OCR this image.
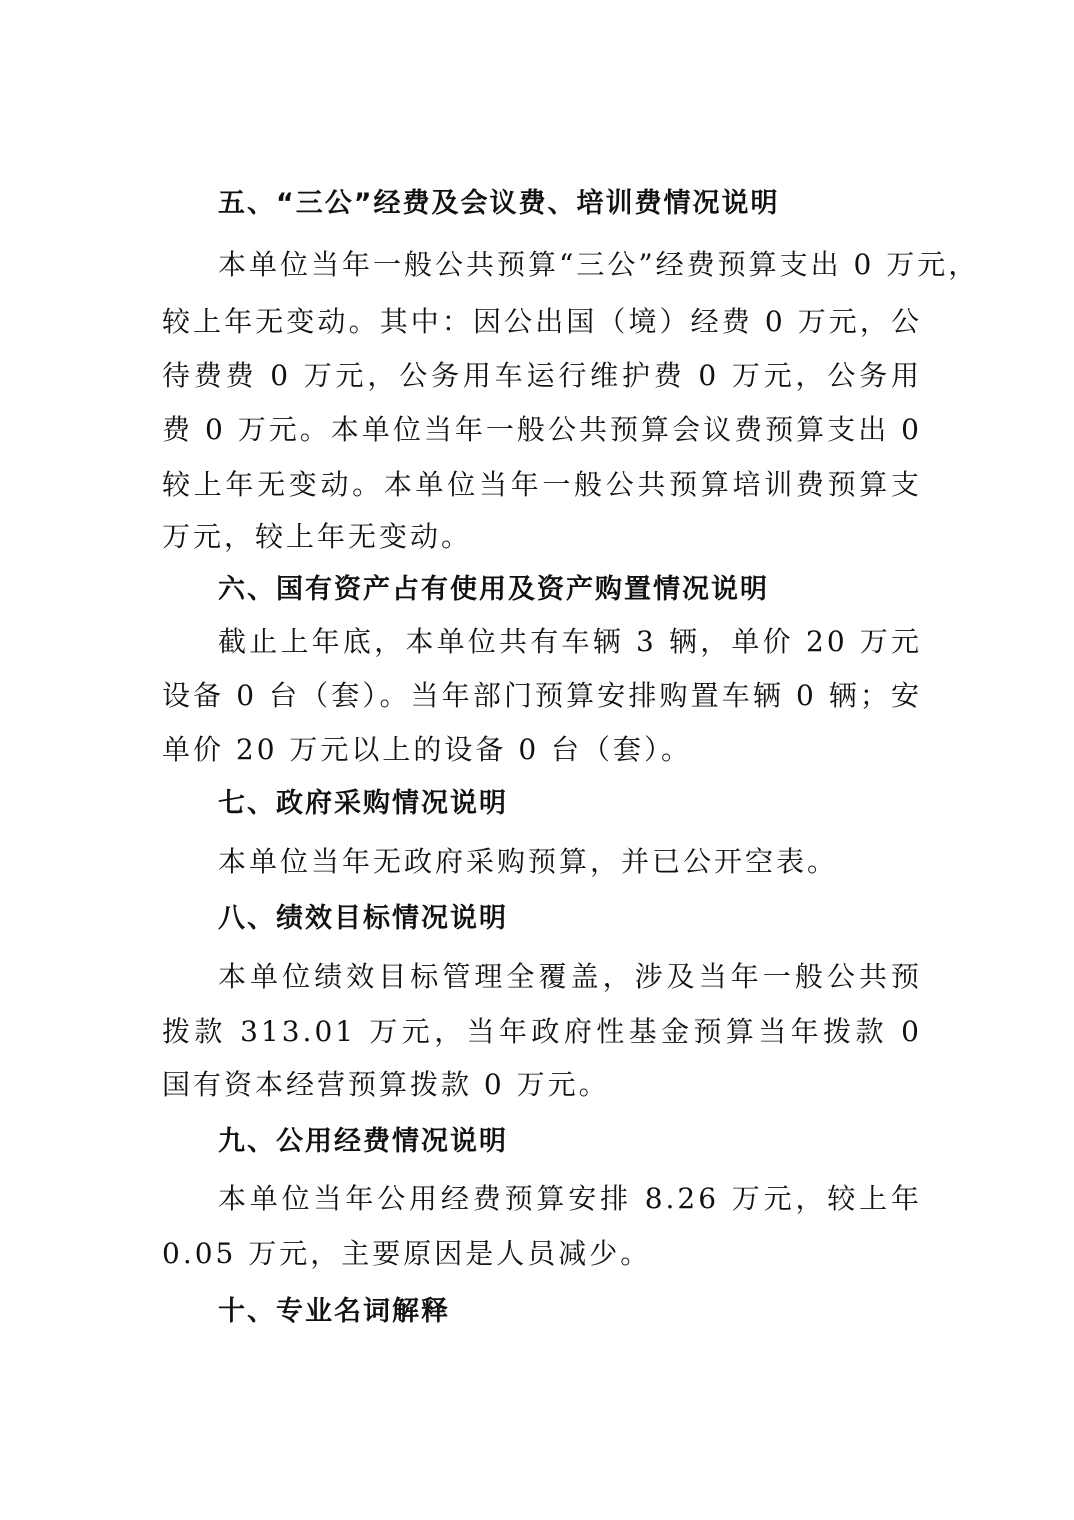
五、“三公”经费及会议费、培训费情况说明
本单位当年一般公共预算“三公”经费预算支出 0 万元，
较上年无变动。其中：因公出国（境）经费 0 万元，公
待费费 0 万元，公务用车运行维护费 0 万元，公务用
费 0 万元。本单位当年一般公共预算会议费预算支出 0
较上年无变动。本单位当年一般公共预算培训费预算支
万元，较上年无变动。
六、国有资产占有使用及资产购置情况说明
截止上年底，本单位共有车辆 3 辆，单价 20 万元
设备 0 台（套）。当年部门预算安排购置车辆 0 辆；安
单价 20 万元以上的设备 0 台（套）。
七、政府采购情况说明
本单位当年无政府采购预算，并已公开空表。
八、绩效目标情况说明
本单位绩效目标管理全覆盖，涉及当年一般公共预
拨款 313.01 万元，当年政府性基金预算当年拨款 0
国有资本经营预算拨款 0 万元。
九、公用经费情况说明
本单位当年公用经费预算安排 8.26 万元，较上年
0.05 万元，主要原因是人员减少。
十、专业名词解释
